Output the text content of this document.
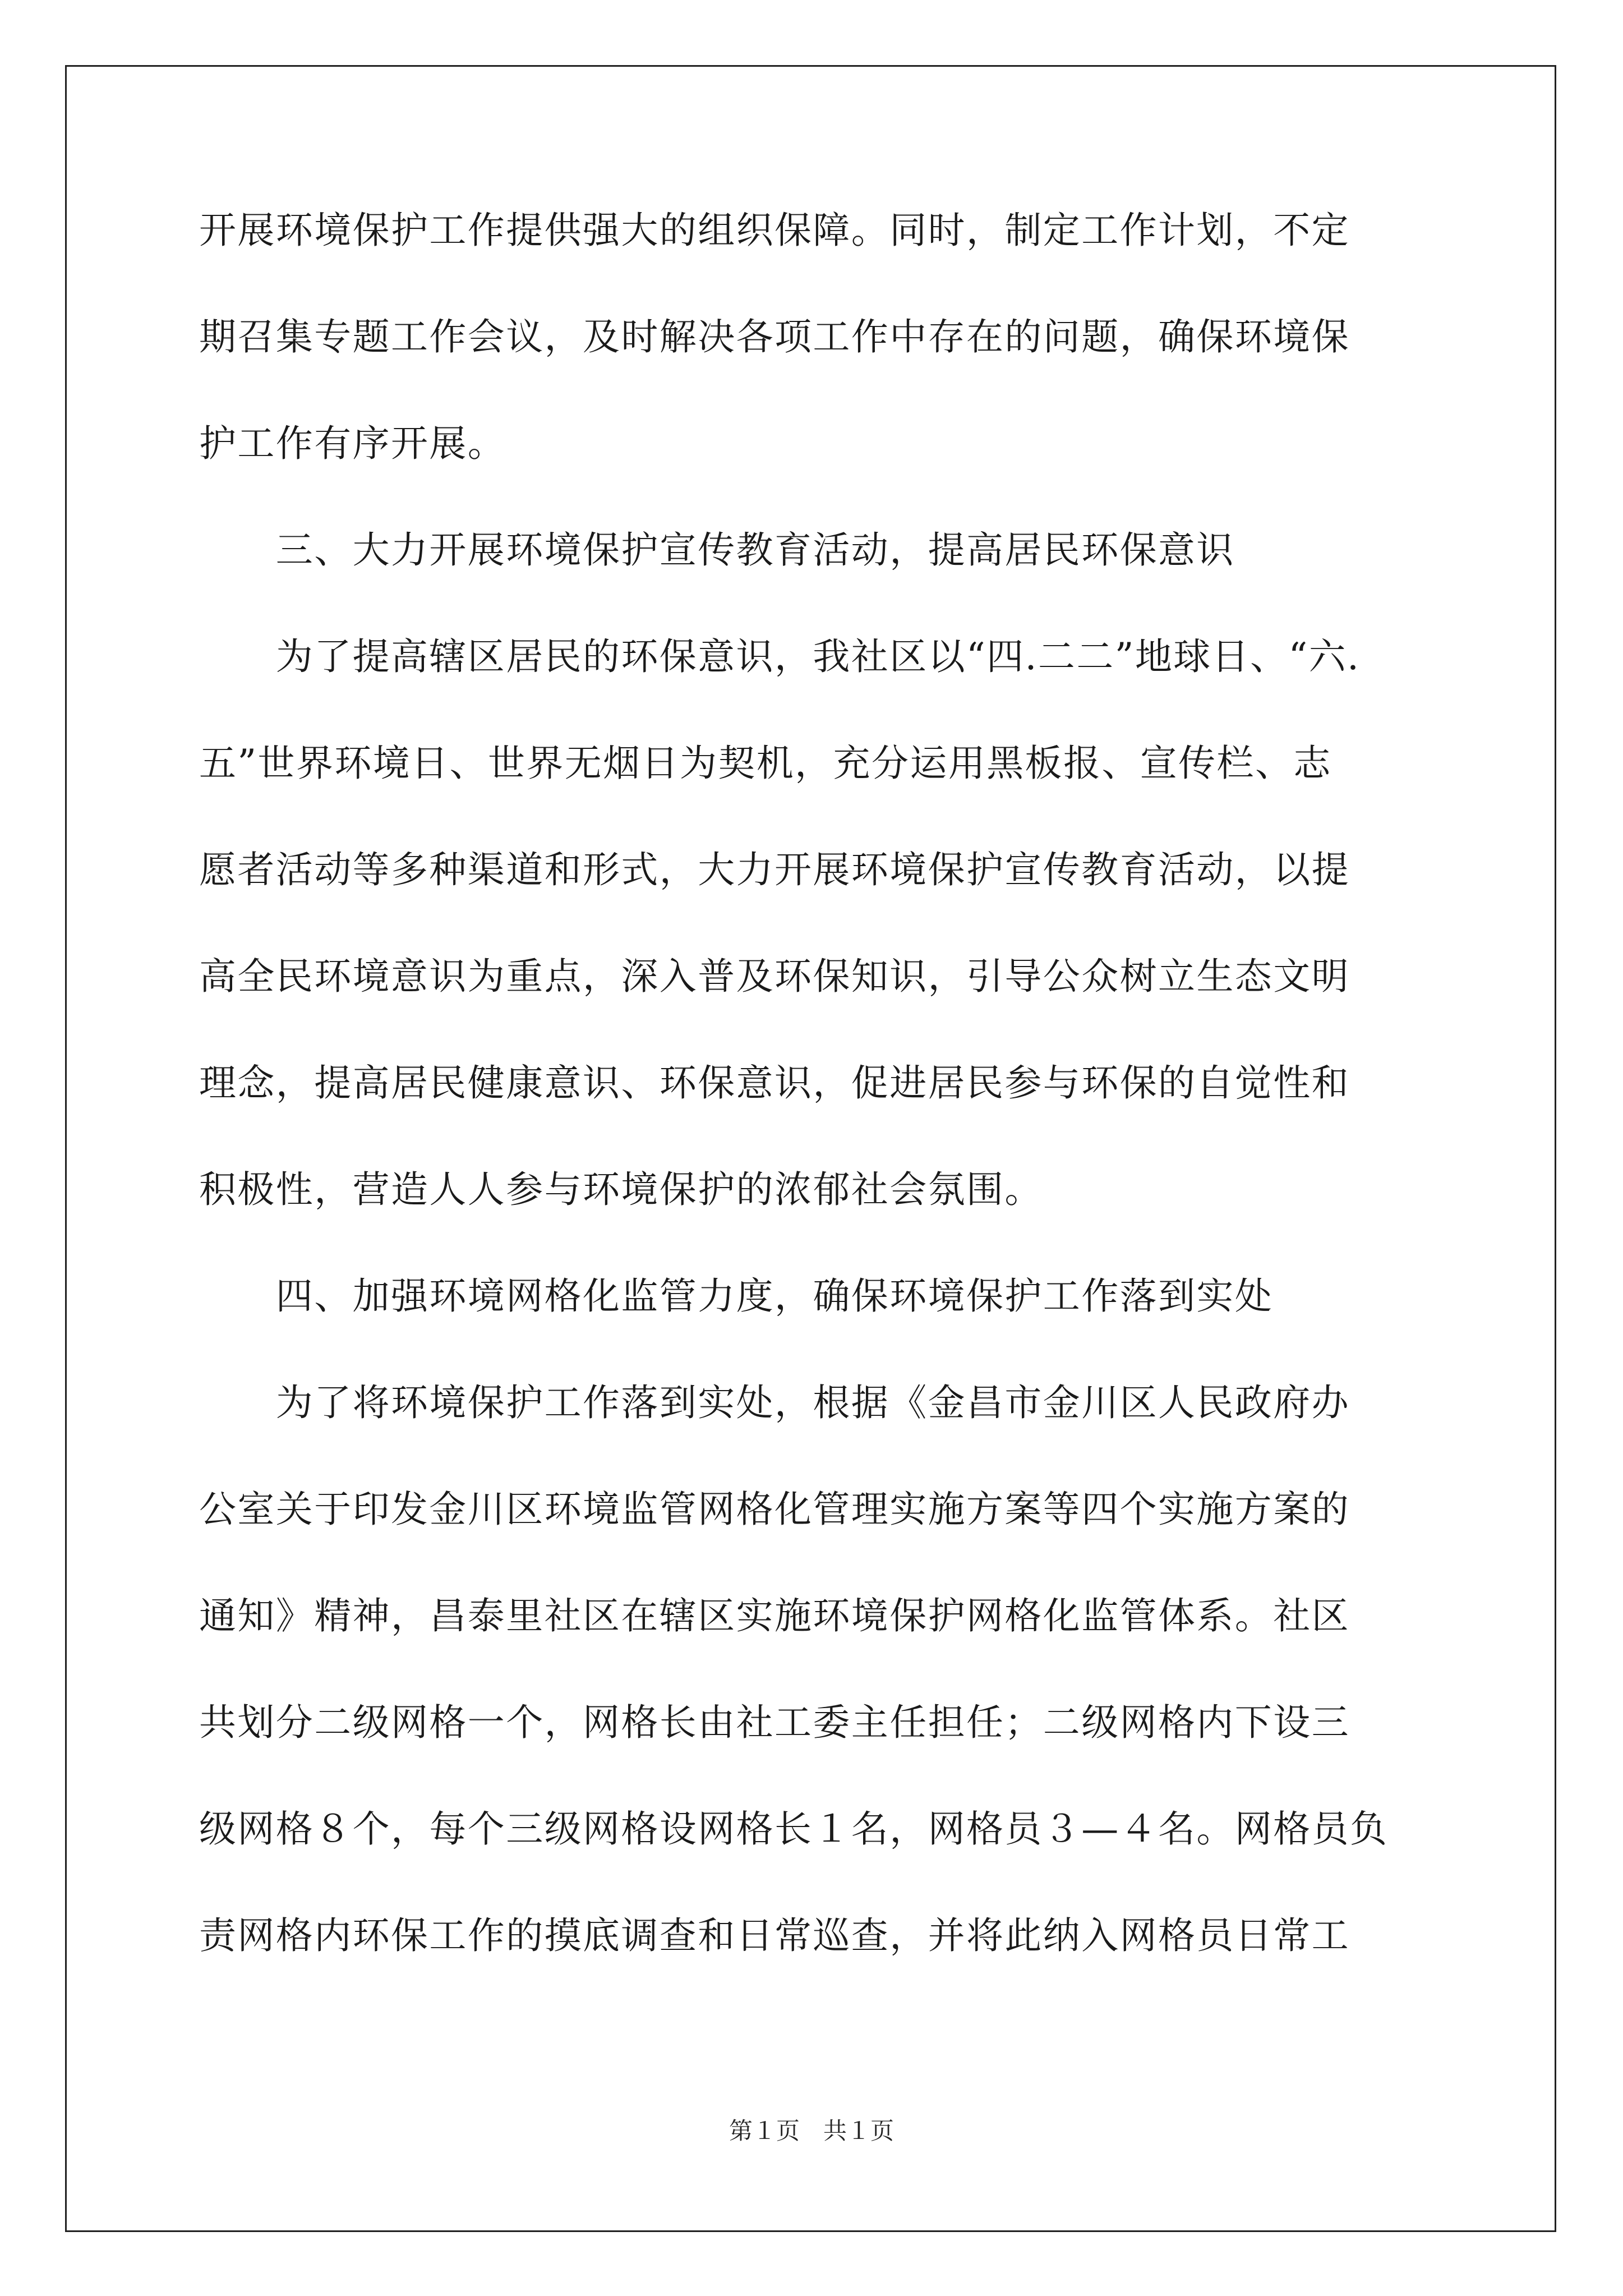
开展环境保护工作提供强大的组织保障。同时，制定工作计划，不定
期召集专题工作会议，及时解决各项工作中存在的问题，确保环境保
护工作有序开展。
　　三、大力开展环境保护宣传教育活动，提高居民环保意识
　　为了提高辖区居民的环保意识，我社区以“四.二二”地球日、“六.
五”世界环境日、世界无烟日为契机，充分运用黑板报、宣传栏、志
愿者活动等多种渠道和形式，大力开展环境保护宣传教育活动，以提
高全民环境意识为重点，深入普及环保知识，引导公众树立生态文明
理念，提高居民健康意识、环保意识，促进居民参与环保的自觉性和
积极性，营造人人参与环境保护的浓郁社会氛围。
　　四、加强环境网格化监管力度，确保环境保护工作落到实处
　　为了将环境保护工作落到实处，根据《金昌市金川区人民政府办
公室关于印发金川区环境监管网格化管理实施方案等四个实施方案的
通知》精神，昌泰里社区在辖区实施环境保护网格化监管体系。社区
共划分二级网格一个，网格长由社工委主任担任；二级网格内下设三
级网格８个，每个三级网格设网格长１名，网格员３—４名。网格员负
责网格内环保工作的摸底调查和日常巡查，并将此纳入网格员日常工
第１页　共１页
